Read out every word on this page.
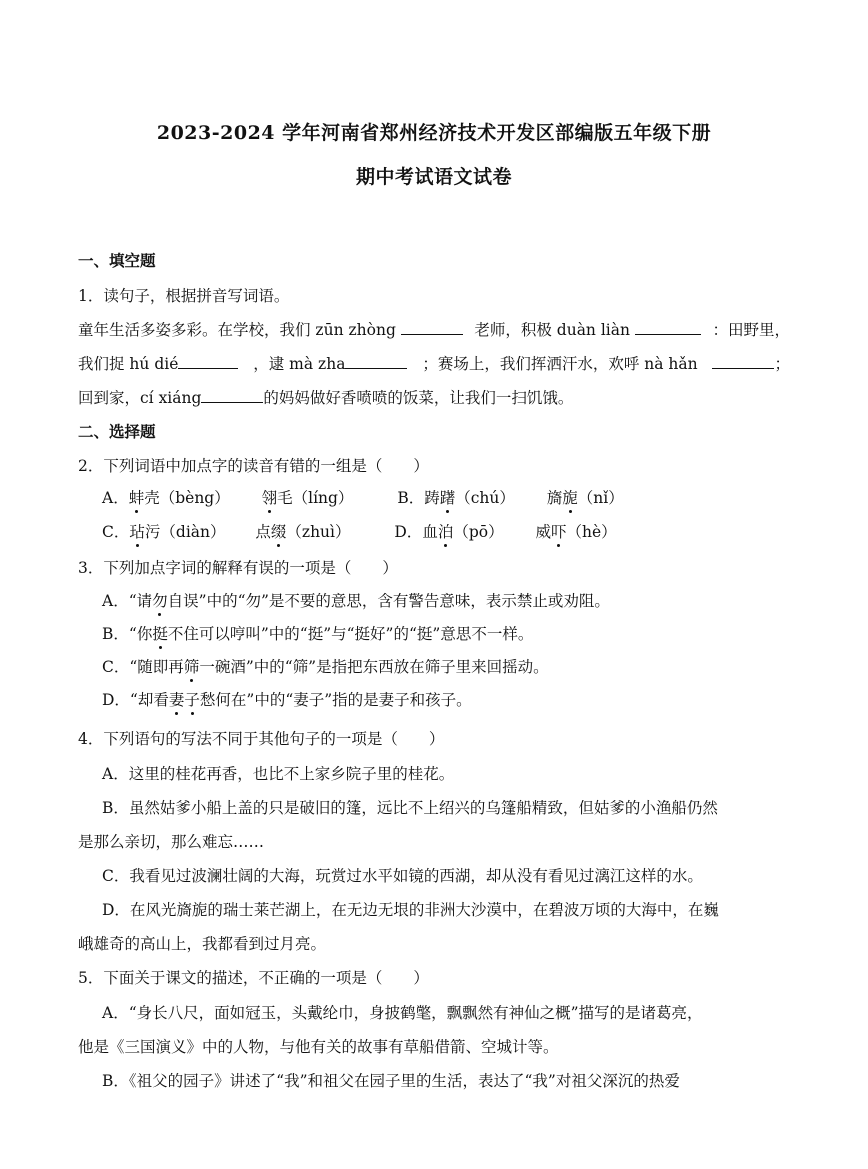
2023-2024 学年河南省郑州经济技术开发区部编版五年级下册
期中考试语文试卷
一、填空题
1．读句子，根据拼音写词语。
童年生活多姿多彩。在学校，我们 zūn zhòng	老师，积极 duàn liàn	：田野里，
我们捉 hú dié	，逮 mà zha	；赛场上，我们挥洒汗水，欢呼 nà hǎn	；
回到家，cí xiáng	的妈妈做好香喷喷的饭菜，让我们一扫饥饿。
二、选择题
2．下列词语中加点字的读音有错的一组是（　　）
A．蚌壳（bèng） 翎毛（líng）	B．踌躇（chú） 旖旎（nǐ）
C．玷污（diàn） 点缀（zhuì）	D．血泊（pō） 威吓（hè）
3．下列加点字词的解释有误的一项是（　　）
A．“请勿自误”中的“勿”是不要的意思，含有警告意味，表示禁止或劝阻。
B．“你挺不住可以哼叫”中的“挺”与“挺好”的“挺”意思不一样。
C．“随即再筛一碗酒”中的“筛”是指把东西放在筛子里来回摇动。
D．“却看妻子愁何在”中的“妻子”指的是妻子和孩子。
4．下列语句的写法不同于其他句子的一项是（　　）
A．这里的桂花再香，也比不上家乡院子里的桂花。
B．虽然姑爹小船上盖的只是破旧的篷，远比不上绍兴的乌篷船精致，但姑爹的小渔船仍然
是那么亲切，那么难忘……
C．我看见过波澜壮阔的大海，玩赏过水平如镜的西湖，却从没有看见过漓江这样的水。
D．在风光旖旎的瑞士莱芒湖上，在无边无垠的非洲大沙漠中，在碧波万顷的大海中，在巍
峨雄奇的高山上，我都看到过月亮。
5．下面关于课文的描述，不正确的一项是（　　）
A．“身长八尺，面如冠玉，头戴纶巾，身披鹤氅，飘飘然有神仙之概”描写的是诸葛亮，
他是《三国演义》中的人物，与他有关的故事有草船借箭、空城计等。
B．《祖父的园子》讲述了“我”和祖父在园子里的生活，表达了“我”对祖父深沉的热爱
